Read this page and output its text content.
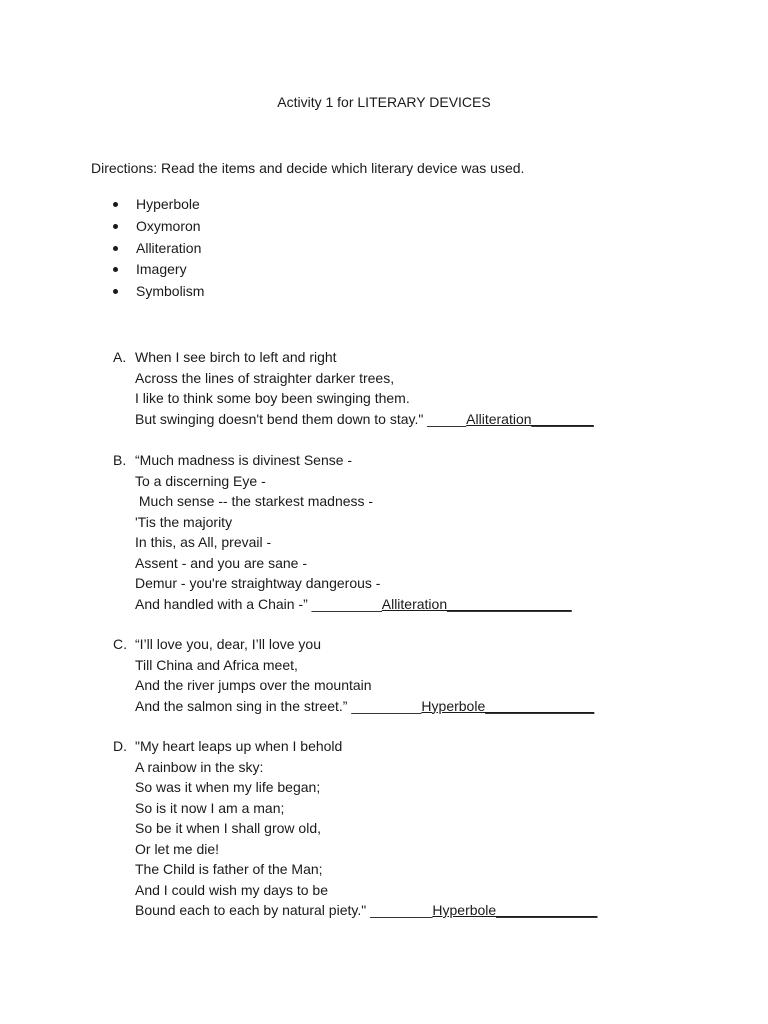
Activity 1 for LITERARY DEVICES
Directions: Read the items and decide which literary device was used.
Hyperbole
Oxymoron
Alliteration
Imagery
Symbolism
A. When I see birch to left and right
Across the lines of straighter darker trees,
I like to think some boy been swinging them.
But swinging doesn't bend them down to stay." _____Alliteration________
B. “Much madness is divinest Sense -
To a discerning Eye -
Much sense -- the starkest madness -
'Tis the majority
In this, as All, prevail -
Assent - and you are sane -
Demur - you're straightway dangerous -
And handled with a Chain -” _________Alliteration________________
C. “I’ll love you, dear, I’ll love you
Till China and Africa meet,
And the river jumps over the mountain
And the salmon sing in the street.” _________Hyperbole______________
D. "My heart leaps up when I behold
A rainbow in the sky:
So was it when my life began;
So is it now I am a man;
So be it when I shall grow old,
Or let me die!
The Child is father of the Man;
And I could wish my days to be
Bound each to each by natural piety." ________Hyperbole_____________
